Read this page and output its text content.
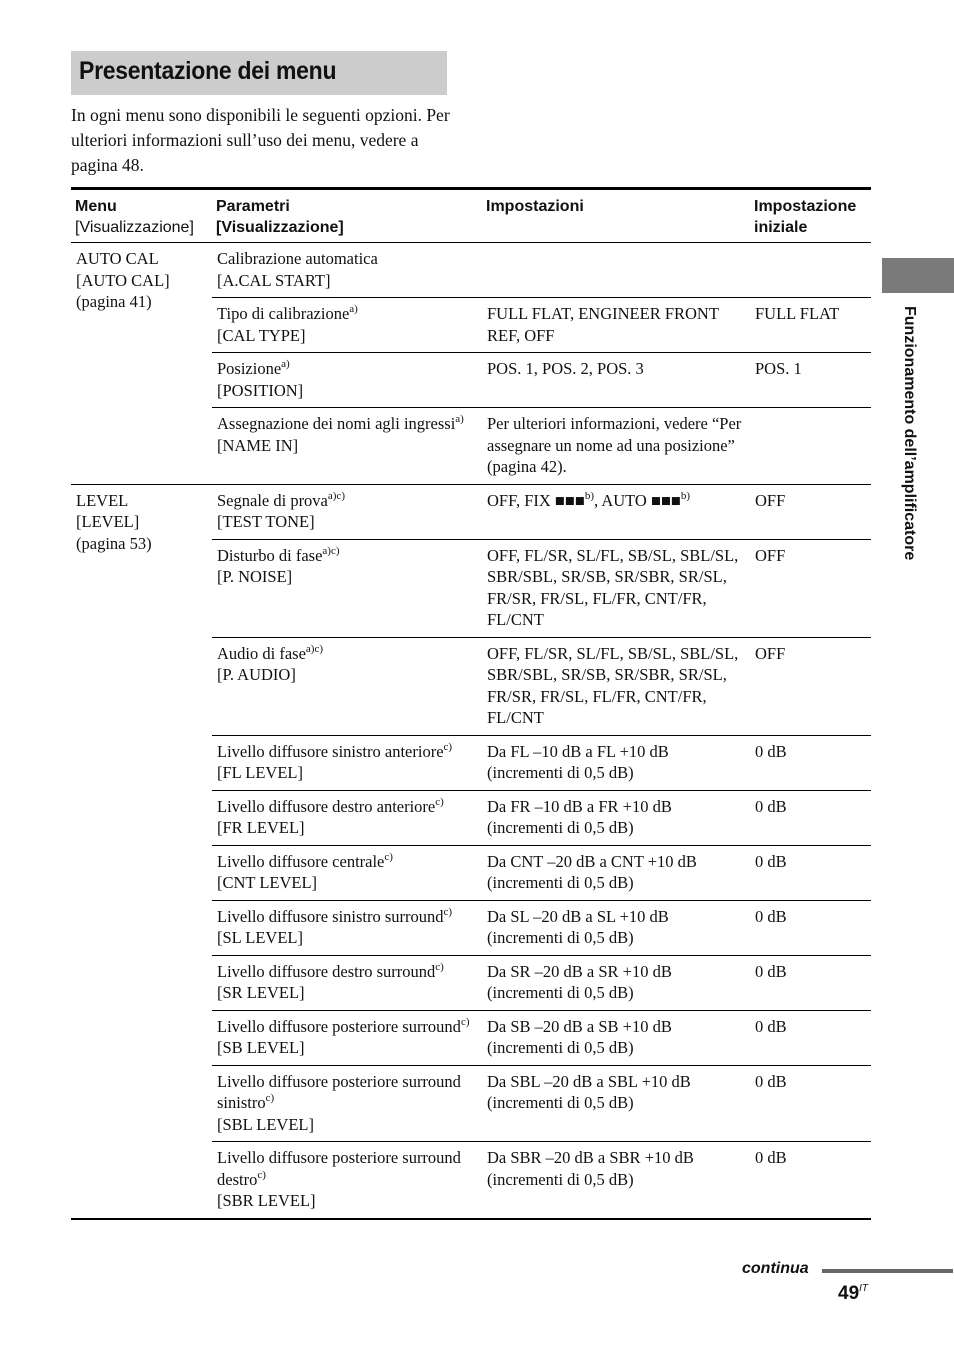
Presentazione dei menu
In ogni menu sono disponibili le seguenti opzioni. Per ulteriori informazioni sull’uso dei menu, vedere a pagina 48.
Menu
[Visualizzazione]	Parametri
[Visualizzazione]	Impostazioni	Impostazione iniziale

AUTO CAL
[AUTO CAL]
(pagina 41)	Calibrazione automatica
[A.CAL START]		

	Tipo di calibrazione$^{a)}$
[CAL TYPE]	FULL FLAT, ENGINEER FRONT REF, OFF	FULL FLAT

	Posizione$^{a)}$
[POSITION]	POS. 1, POS. 2, POS. 3	POS. 1

	Assegnazione dei nomi agli ingressi$^{a)}$
[NAME IN]	Per ulteriori informazioni, vedere “Per assegnare un nome ad una posizione” (pagina 42).	

LEVEL
[LEVEL]
(pagina 53)	Segnale di prova$^{a)c)}$
[TEST TONE]	OFF, FIX ■■■$^{b)}$, AUTO ■■■$^{b)}$	OFF

	Disturbo di fase$^{a)c)}$
[P. NOISE]	OFF, FL/SR, SL/FL, SB/SL, SBL/SL, SBR/SBL, SR/SB, SR/SBR, SR/SL, FR/SR, FR/SL, FL/FR, CNT/FR, FL/CNT	OFF

	Audio di fase$^{a)c)}$
[P. AUDIO]	OFF, FL/SR, SL/FL, SB/SL, SBL/SL, SBR/SBL, SR/SB, SR/SBR, SR/SL, FR/SR, FR/SL, FL/FR, CNT/FR, FL/CNT	OFF

	Livello diffusore sinistro anteriore$^{c)}$
[FL LEVEL]	Da FL –10 dB a FL +10 dB (incrementi di 0,5 dB)	0 dB

	Livello diffusore destro anteriore$^{c)}$
[FR LEVEL]	Da FR –10 dB a FR +10 dB (incrementi di 0,5 dB)	0 dB

	Livello diffusore centrale$^{c)}$
[CNT LEVEL]	Da CNT –20 dB a CNT +10 dB (incrementi di 0,5 dB)	0 dB

	Livello diffusore sinistro surround$^{c)}$
[SL LEVEL]	Da SL –20 dB a SL +10 dB (incrementi di 0,5 dB)	0 dB

	Livello diffusore destro surround$^{c)}$
[SR LEVEL]	Da SR –20 dB a SR +10 dB (incrementi di 0,5 dB)	0 dB

	Livello diffusore posteriore surround$^{c)}$
[SB LEVEL]	Da SB –20 dB a SB +10 dB (incrementi di 0,5 dB)	0 dB

	Livello diffusore posteriore surround sinistro$^{c)}$
[SBL LEVEL]	Da SBL –20 dB a SBL +10 dB (incrementi di 0,5 dB)	0 dB

	Livello diffusore posteriore surround destro$^{c)}$
[SBR LEVEL]	Da SBR –20 dB a SBR +10 dB (incrementi di 0,5 dB)	0 dB
Funzionamento dell’amplificatore
continua
$49^{IT}$
